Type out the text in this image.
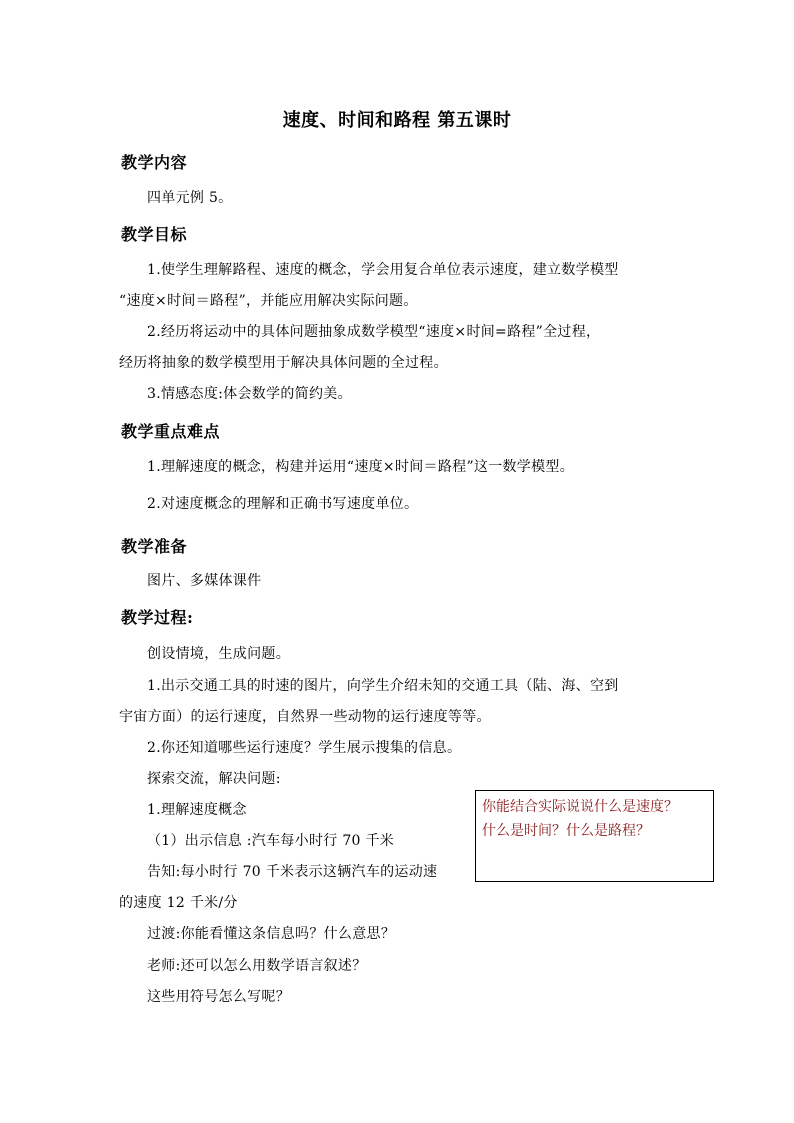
速度、时间和路程 第五课时
教学内容
四单元例 5。
教学目标
1.使学生理解路程、速度的概念，学会用复合单位表示速度，建立数学模型
“速度×时间＝路程”，并能应用解决实际问题。
2.经历将运动中的具体问题抽象成数学模型“速度×时间=路程”全过程，
经历将抽象的数学模型用于解决具体问题的全过程。
3.情感态度:体会数学的简约美。
教学重点难点
1.理解速度的概念，构建并运用“速度×时间＝路程”这一数学模型。
2.对速度概念的理解和正确书写速度单位。
教学准备
图片、多媒体课件
教学过程:
创设情境，生成问题。
1.出示交通工具的时速的图片，向学生介绍未知的交通工具（陆、海、空到
宇宙方面）的运行速度，自然界一些动物的运行速度等等。
2.你还知道哪些运行速度？学生展示搜集的信息。
探索交流，解决问题:
1.理解速度概念
（1）出示信息 :汽车每小时行 70 千米
告知:每小时行 70 千米表示这辆汽车的运动速
的速度 12 千米/分
过渡:你能看懂这条信息吗？什么意思？
老师:还可以怎么用数学语言叙述？
这些用符号怎么写呢？
你能结合实际说说什么是速度？
什么是时间？什么是路程？
